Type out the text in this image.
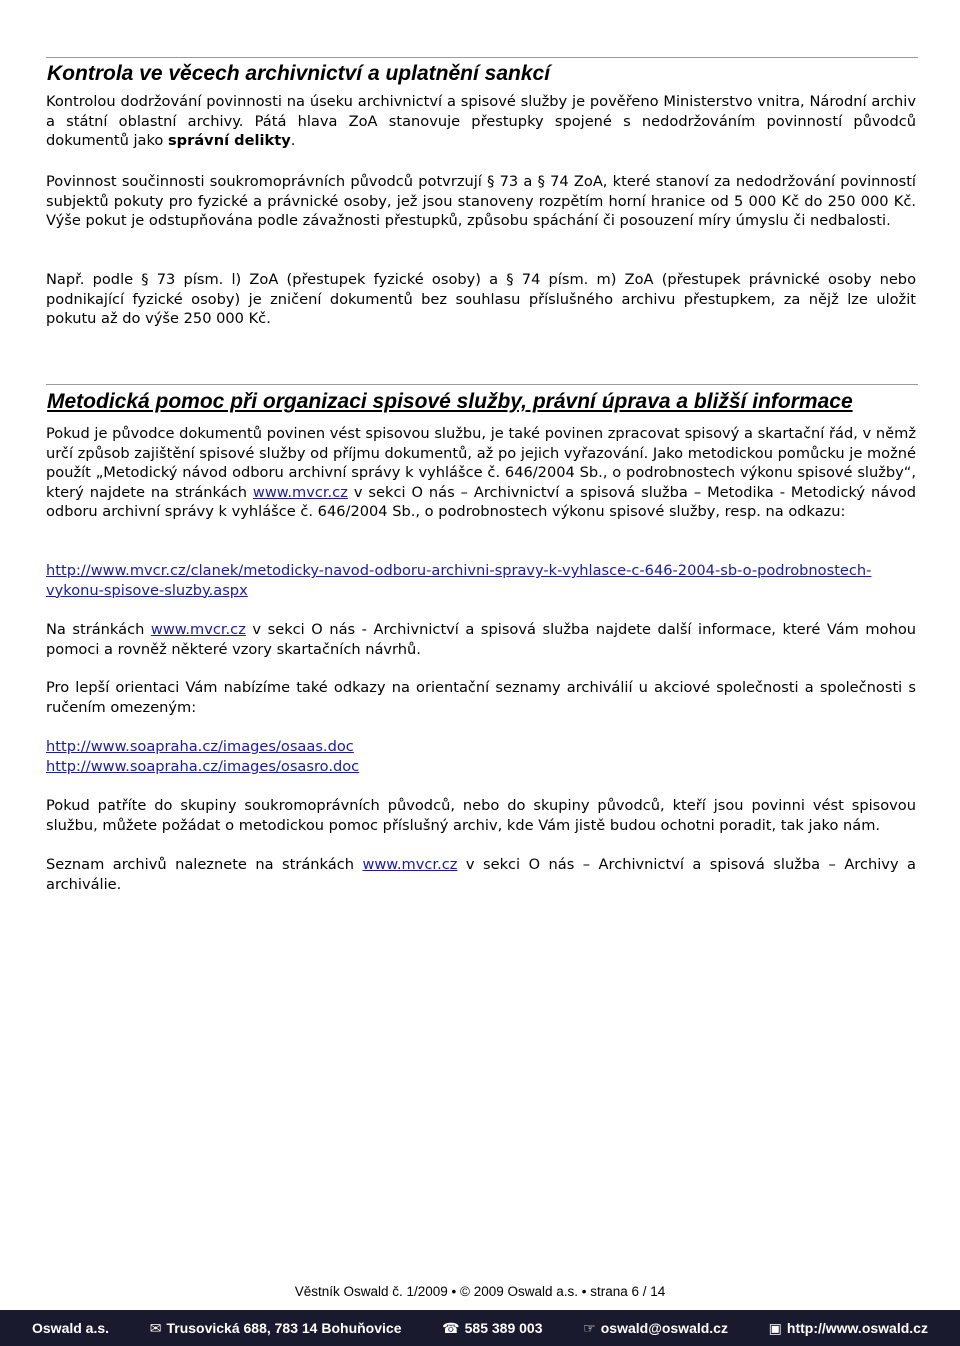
Kontrola ve věcech archivnictví a uplatnění sankcí

Kontrolou dodržování povinnosti na úseku archivnictví a spisové služby je pověřeno Ministerstvo vnitra, Národní archiv a státní oblastní archivy. Pátá hlava ZoA stanovuje přestupky spojené s nedodržováním povinností původců dokumentů jako správní delikty.

Povinnost součinnosti soukromoprávních původců potvrzují § 73 a § 74 ZoA, které stanoví za nedodržování povinností subjektů pokuty pro fyzické a právnické osoby, jež jsou stanoveny rozpětím horní hranice od 5 000 Kč do 250 000 Kč. Výše pokut je odstupňována podle závažnosti přestupků, způsobu spáchání či posouzení míry úmyslu či nedbalosti.

Např. podle § 73 písm. l) ZoA (přestupek fyzické osoby) a § 74 písm. m) ZoA (přestupek právnické osoby nebo podnikající fyzické osoby) je zničení dokumentů bez souhlasu příslušného archivu přestupkem, za nějž lze uložit pokutu až do výše 250 000 Kč.

Metodická pomoc při organizaci spisové služby, právní úprava a bližší informace

Pokud je původce dokumentů povinen vést spisovou službu, je také povinen zpracovat spisový a skartační řád, v němž určí způsob zajištění spisové služby od příjmu dokumentů, až po jejich vyřazování. Jako metodickou pomůcku je možné použít „Metodický návod odboru archivní správy k vyhlášce č. 646/2004 Sb., o podrobnostech výkonu spisové služby“, který najdete na stránkách www.mvcr.cz v sekci O nás – Archivnictví a spisová služba – Metodika - Metodický návod odboru archivní správy k vyhlášce č. 646/2004 Sb., o podrobnostech výkonu spisové služby, resp. na odkazu:

http://www.mvcr.cz/clanek/metodicky-navod-odboru-archivni-spravy-k-vyhlasce-c-646-2004-sb-o-podrobnostech-vykonu-spisove-sluzby.aspx

Na stránkách www.mvcr.cz v sekci O nás - Archivnictví a spisová služba najdete další informace, které Vám mohou pomoci a rovněž některé vzory skartačních návrhů.

Pro lepší orientaci Vám nabízíme také odkazy na orientační seznamy archiválií u akciové společnosti a společnosti s ručením omezeným:

http://www.soapraha.cz/images/osaas.doc
http://www.soapraha.cz/images/osasro.doc

Pokud patříte do skupiny soukromoprávních původců, nebo do skupiny původců, kteří jsou povinni vést spisovou službu, můžete požádat o metodickou pomoc příslušný archiv, kde Vám jistě budou ochotni poradit, tak jako nám.

Seznam archivů naleznete na stránkách www.mvcr.cz v sekci O nás – Archivnictví a spisová služba – Archivy a archiválie.

Věstník Oswald č. 1/2009 • © 2009 Oswald a.s. • strana 6 / 14
Oswald a.s.	✉ Trusovická 688, 783 14 Bohuňovice	☎ 585 389 003	☞ oswald@oswald.cz	▣ http://www.oswald.cz
